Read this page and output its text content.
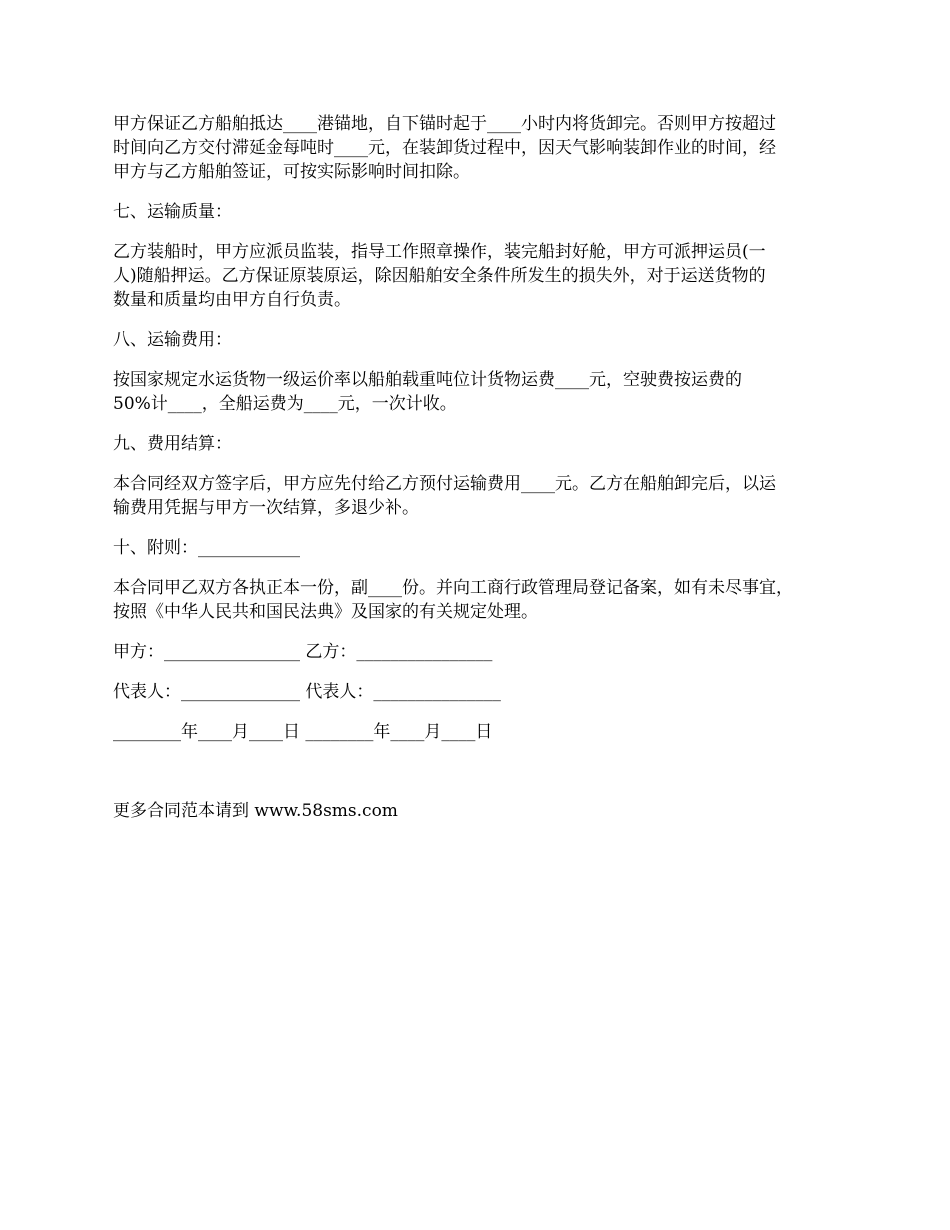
甲方保证乙方船舶抵达____港锚地，自下锚时起于____小时内将货卸完。否则甲方按超过
时间向乙方交付滞延金每吨时____元，在装卸货过程中，因天气影响装卸作业的时间，经
甲方与乙方船舶签证，可按实际影响时间扣除。
七、运输质量：
乙方装船时，甲方应派员监装，指导工作照章操作，装完船封好舱，甲方可派押运员(一
人)随船押运。乙方保证原装原运，除因船舶安全条件所发生的损失外，对于运送货物的
数量和质量均由甲方自行负责。
八、运输费用：
按国家规定水运货物一级运价率以船舶载重吨位计货物运费____元，空驶费按运费的
50%计____，全船运费为____元，一次计收。
九、费用结算：
本合同经双方签字后，甲方应先付给乙方预付运输费用____元。乙方在船舶卸完后，以运
输费用凭据与甲方一次结算，多退少补。
十、附则：____________
本合同甲乙双方各执正本一份，副____份。并向工商行政管理局登记备案，如有未尽事宜，
按照《中华人民共和国民法典》及国家的有关规定处理。
甲方：________________ 乙方：________________
代表人：______________ 代表人：_______________
________年____月____日 ________年____月____日
更多合同范本请到 www.58sms.com
